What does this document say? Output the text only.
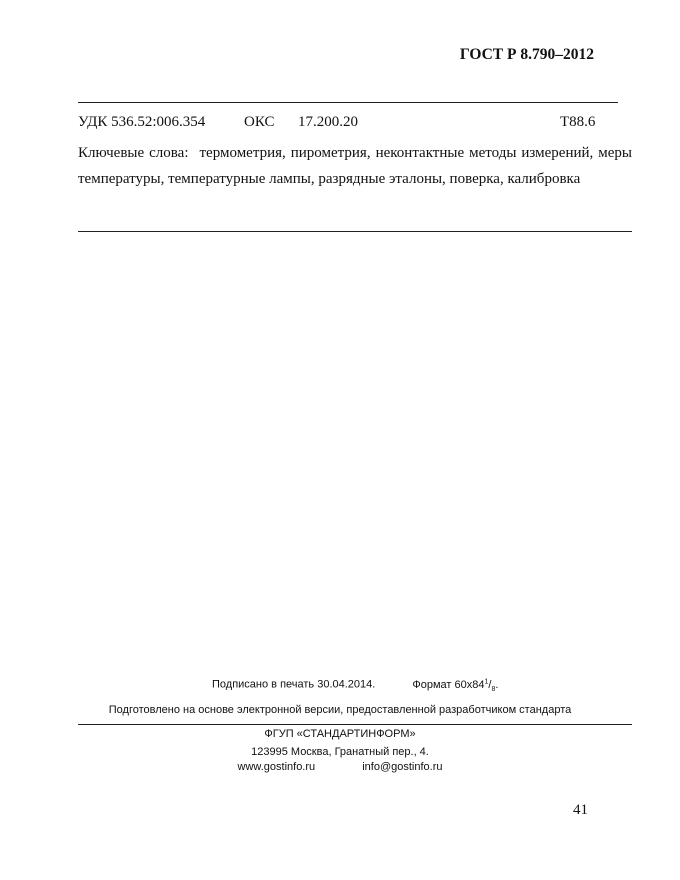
ГОСТ Р 8.790–2012
УДК 536.52:006.354	ОКС 17.200.20	Т88.6
Ключевые слова: термометрия, пирометрия, неконтактные методы измерений, меры температуры, температурные лампы, разрядные эталоны, поверка, калибровка
Подписано в печать 30.04.2014.	Формат $60x84^1/_8$.
Подготовлено на основе электронной версии, предоставленной разработчиком стандарта
ФГУП «СТАНДАРТИНФОРМ»
123995 Москва, Гранатный пер., 4.
www.gostinfo.ru	info@gostinfo.ru
41
